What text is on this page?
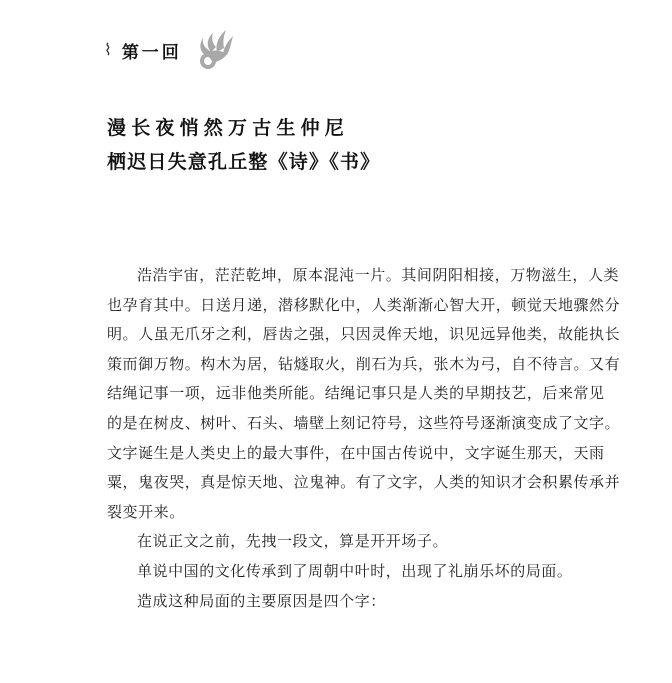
⌇ 第一回
漫长夜悄然万古生仲尼
栖迟日失意孔丘整《诗》《书》
浩浩宇宙，茫茫乾坤，原本混沌一片。其间阴阳相接，万物滋生，人类
也孕育其中。日送月递，潜移默化中，人类渐渐心智大开，顿觉天地骤然分
明。人虽无爪牙之利，唇齿之强，只因灵侔天地，识见远异他类，故能执长
策而御万物。构木为居，钻燧取火，削石为兵，张木为弓，自不待言。又有
结绳记事一项，远非他类所能。结绳记事只是人类的早期技艺，后来常见
的是在树皮、树叶、石头、墙壁上刻记符号，这些符号逐渐演变成了文字。
文字诞生是人类史上的最大事件，在中国古传说中，文字诞生那天，天雨
粟，鬼夜哭，真是惊天地、泣鬼神。有了文字，人类的知识才会积累传承并
裂变开来。
在说正文之前，先拽一段文，算是开开场子。
单说中国的文化传承到了周朝中叶时，出现了礼崩乐坏的局面。
造成这种局面的主要原因是四个字：
